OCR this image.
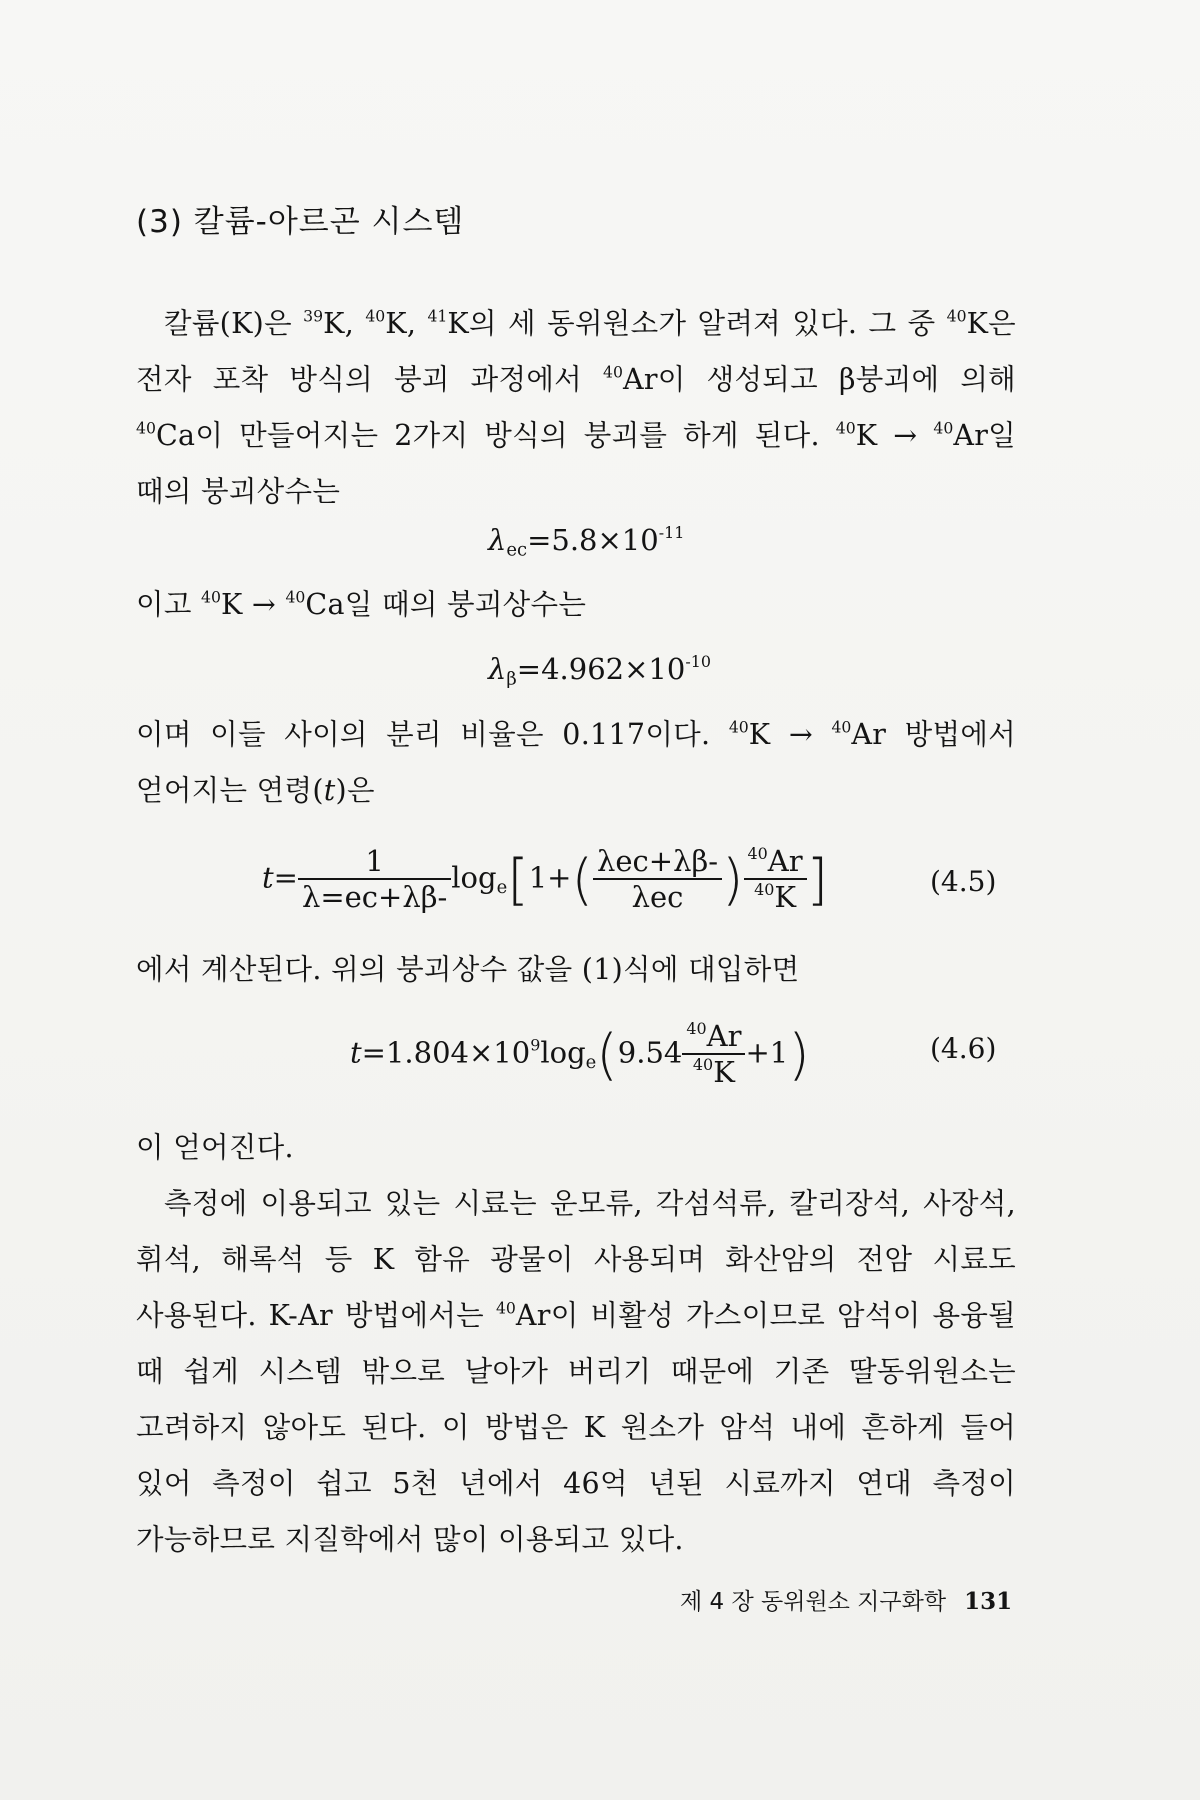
(3) 칼륨-아르곤 시스템
칼륨(K)은 $^{39}$K, $^{40}$K, $^{41}$K의 세 동위원소가 알려져 있다. 그 중 $^{40}$K은 전자 포착 방식의 붕괴 과정에서 $^{40}$Ar이 생성되고 β붕괴에 의해 $^{40}$Ca이 만들어지는 2가지 방식의 붕괴를 하게 된다. $^{40}$K → $^{40}$Ar일 때의 붕괴상수는
$\lambda_{ec}=5.8\times 10^{-11}$
이고 $^{40}$K → $^{40}$Ca일 때의 붕괴상수는
$\lambda_\beta=4.962\times 10^{-10}$
이며 이들 사이의 분리 비율은 0.117이다. $^{40}$K → $^{40}$Ar 방법에서 얻어지는 연령(t)은
$t= \frac{1}{\lambda=ec+\lambda\beta-} \log_e[1+( \frac{\text{λec+λβ-}}{\text{λec}}$ ) $\frac{^{40}Ar}{^{40}K}$ ]	(4.5)
에서 계산된다. 위의 붕괴상수 값을 (1)식에 대입하면
$t=1.804\times 10^9\log_e(9.54 \frac{^{40}Ar}{^{40}K} +1)$	(4.6)
이 얻어진다.
측정에 이용되고 있는 시료는 운모류, 각섬석류, 칼리장석, 사장석, 휘석, 해록석 등 K 함유 광물이 사용되며 화산암의 전암 시료도 사용된다. K-Ar 방법에서는 $^{40}$Ar이 비활성 가스이므로 암석이 용융될 때 쉽게 시스템 밖으로 날아가 버리기 때문에 기존 딸동위원소는 고려하지 않아도 된다. 이 방법은 K 원소가 암석 내에 흔하게 들어 있어 측정이 쉽고 5천 년에서 46억 년된 시료까지 연대 측정이 가능하므로 지질학에서 많이 이용되고 있다.
제 4 장 동위원소 지구화학 131
